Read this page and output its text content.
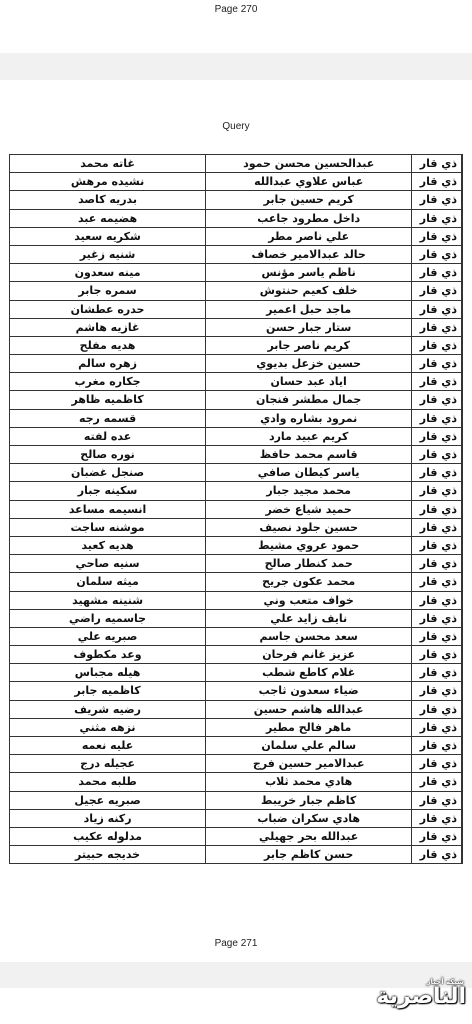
Page 270
Query
ذي قار
عبدالحسين محسن حمود
غاته محمد
ذي قار
عباس علاوي عبدالله
نشيده مرهش
ذي قار
كريم حسين جابر
بدريه كاصد
ذي قار
داخل مطرود جاعب
هضيمه عبد
ذي قار
علي ناصر مطر
شكريه سعيد
ذي قار
حالد عبدالامير خصاف
شنيه زغير
ذي قار
ناظم ياسر مؤنس
مينه سعدون
ذي قار
خلف كعيم حنتوش
سمره جابر
ذي قار
ماجد حبل اعمير
حدره عطشان
ذي قار
ستار جبار حسن
غازيه هاشم
ذي قار
كريم ناصر جابر
هديه مفلح
ذي قار
حسين خزعل بديوي
زهره سالم
ذي قار
اياد عبد حسان
جكاره مغرب
ذي قار
جمال مطشر فنجان
كاظميه ظاهر
ذي قار
نمرود بشاره وادي
قسمه رجه
ذي قار
كريم عبيد مارد
عده لفته
ذي قار
قاسم محمد حافظ
نوره صالح
ذي قار
ياسر كيطان صافي
صنجل غضبان
ذي قار
محمد مجيد جبار
سكينه جبار
ذي قار
حميد شياع خضر
انسيمه مساعد
ذي قار
حسين جلود نصيف
موشنه ساجت
ذي قار
حمود عروي مشيط
هديه كعيد
ذي قار
حمد كنطار صالح
سنيه صاحي
ذي قار
محمد عكون جريح
ميثه سلمان
ذي قار
خواف متعب وني
شنينه مشهيد
ذي قار
نايف زايد علي
جاسميه راضي
ذي قار
سعد محسن جاسم
صبريه علي
ذي قار
عزيز غانم فرحان
وعد مكطوف
ذي قار
غلام كاطع شطب
هيله مجباس
ذي قار
ضياء سعدون ثاجب
كاظميه جابر
ذي قار
عبدالله هاشم حسين
رضيه شريف
ذي قار
ماهر فالح مطير
نزهه مثني
ذي قار
سالم علي سلمان
عليه نعمه
ذي قار
عبدالامير حسين فرج
عجيله درج
ذي قار
هادي محمد ثلاب
طلبه محمد
ذي قار
كاظم جبار خريبط
صبريه عجيل
ذي قار
هادي سكران ضباب
ركنه زياد
ذي قار
عبدالله بحر جهيلي
مدلوله عكيب
ذي قار
حسن كاظم جابر
خديجه حبيتر
Page 271
شبكة أخبار
الناصرية
